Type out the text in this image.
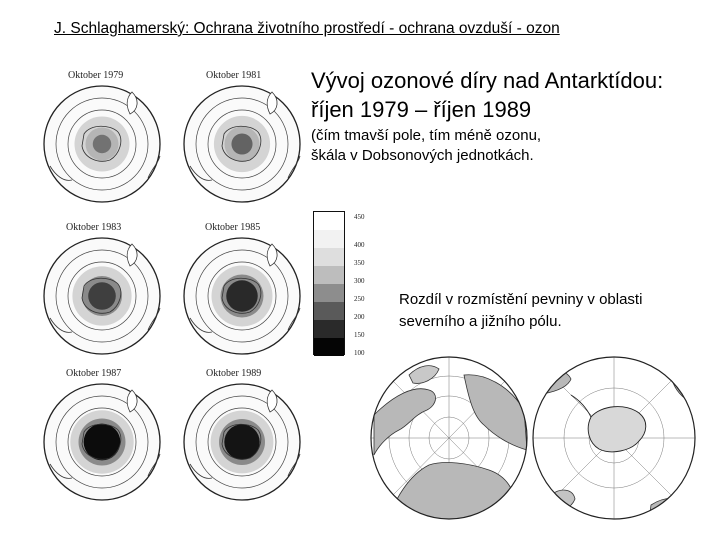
J. Schlaghamerský: Ochrana životního prostředí - ochrana ovzduší - ozon
Oktober 1979	Oktober 1981
Oktober 1983	Oktober 1985
Oktober 1987	Oktober 1989
450
400
350
300
250
200
150
100
Vývoj ozonové díry nad Antarktídou:
říjen 1979 – říjen 1989
(čím tmavší pole, tím méně ozonu,
škála v Dobsonových jednotkách.
Rozdíl v rozmístění pevniny v oblasti
severního a jižního pólu.
